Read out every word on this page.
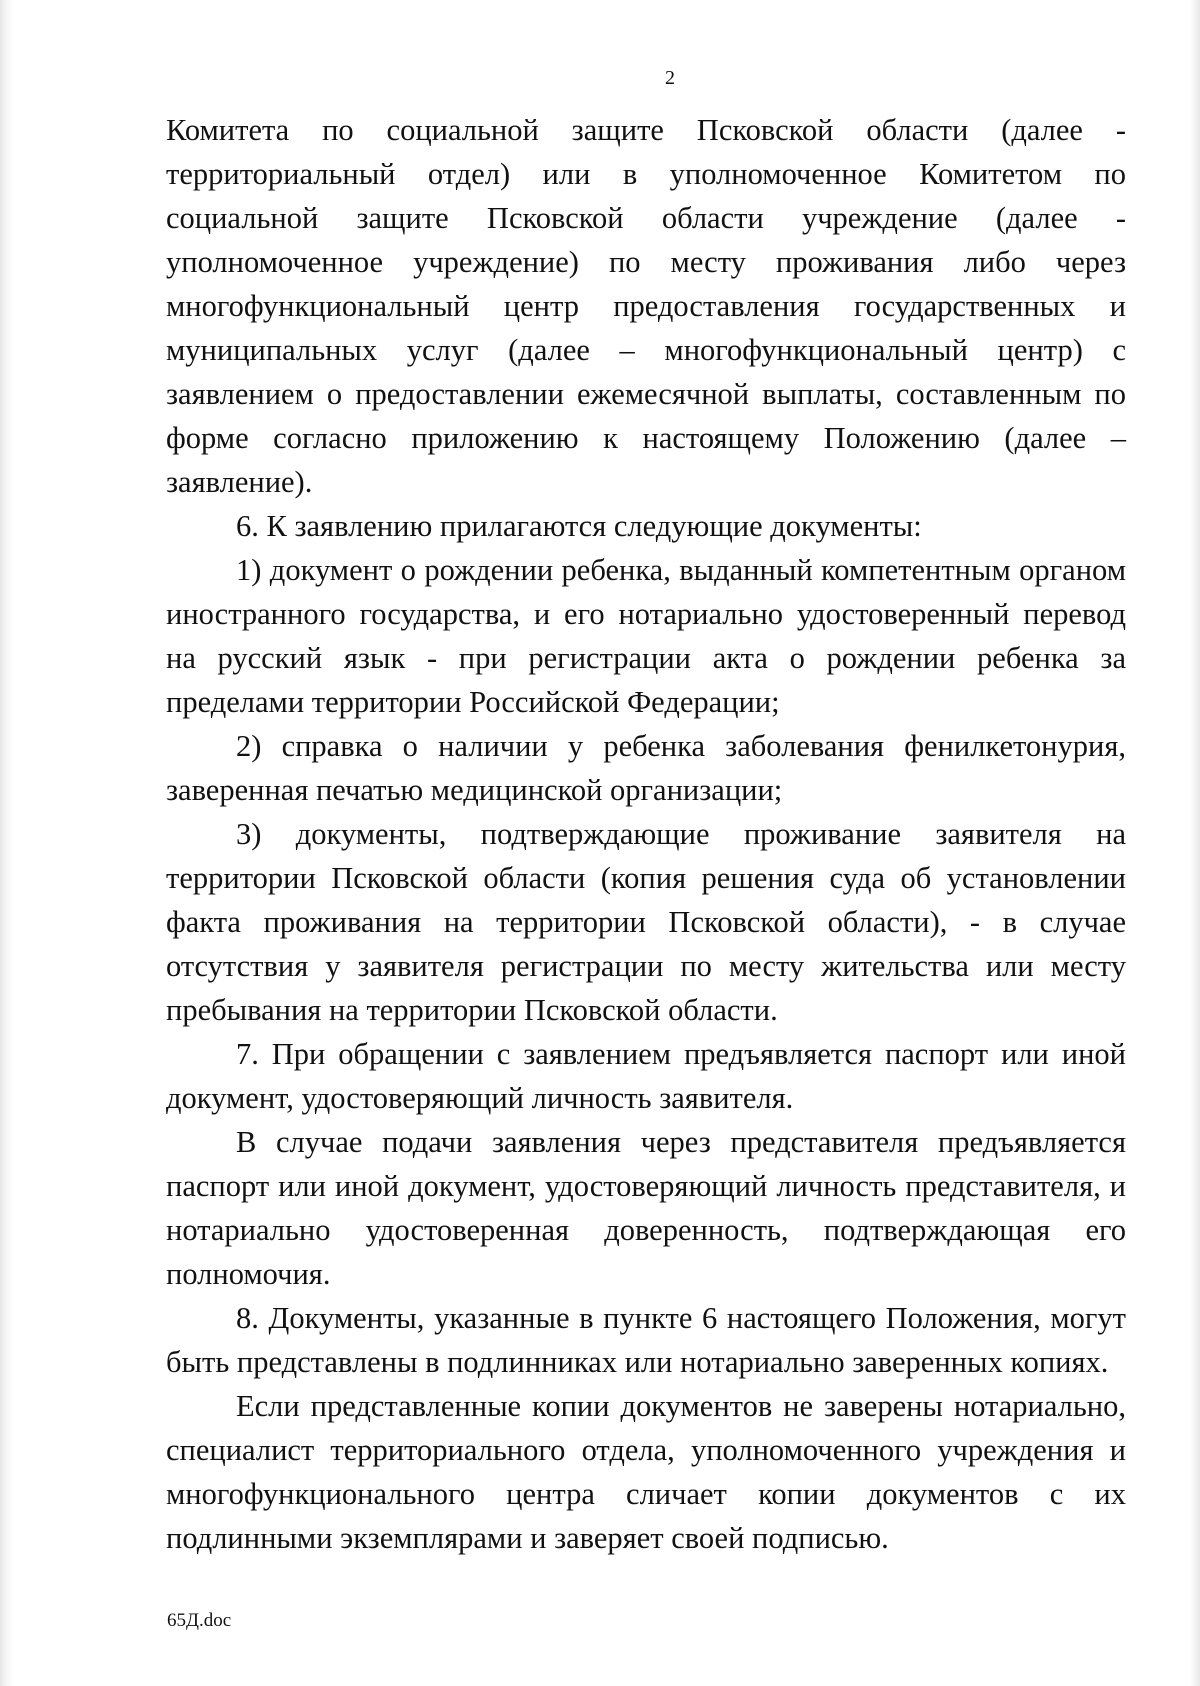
2

Комитета по социальной защите Псковской области (далее - территориальный отдел) или в уполномоченное Комитетом по социальной защите Псковской области учреждение (далее - уполномоченное учреждение) по месту проживания либо через многофункциональный центр предоставления государственных и муниципальных услуг (далее – многофункциональный центр) с заявлением о предоставлении ежемесячной выплаты, составленным по форме согласно приложению к настоящему Положению (далее – заявление).

6. К заявлению прилагаются следующие документы:

1) документ о рождении ребенка, выданный компетентным органом иностранного государства, и его нотариально удостоверенный перевод на русский язык - при регистрации акта о рождении ребенка за пределами территории Российской Федерации;

2) справка о наличии у ребенка заболевания фенилкетонурия, заверенная печатью медицинской организации;

3) документы, подтверждающие проживание заявителя на территории Псковской области (копия решения суда об установлении факта проживания на территории Псковской области), - в случае отсутствия у заявителя регистрации по месту жительства или месту пребывания на территории Псковской области.

7. При обращении с заявлением предъявляется паспорт или иной документ, удостоверяющий личность заявителя.

В случае подачи заявления через представителя предъявляется паспорт или иной документ, удостоверяющий личность представителя, и нотариально удостоверенная доверенность, подтверждающая его полномочия.

8. Документы, указанные в пункте 6 настоящего Положения, могут быть представлены в подлинниках или нотариально заверенных копиях.

Если представленные копии документов не заверены нотариально, специалист территориального отдела, уполномоченного учреждения и многофункционального центра сличает копии документов с их подлинными экземплярами и заверяет своей подписью.

65Д.doc
